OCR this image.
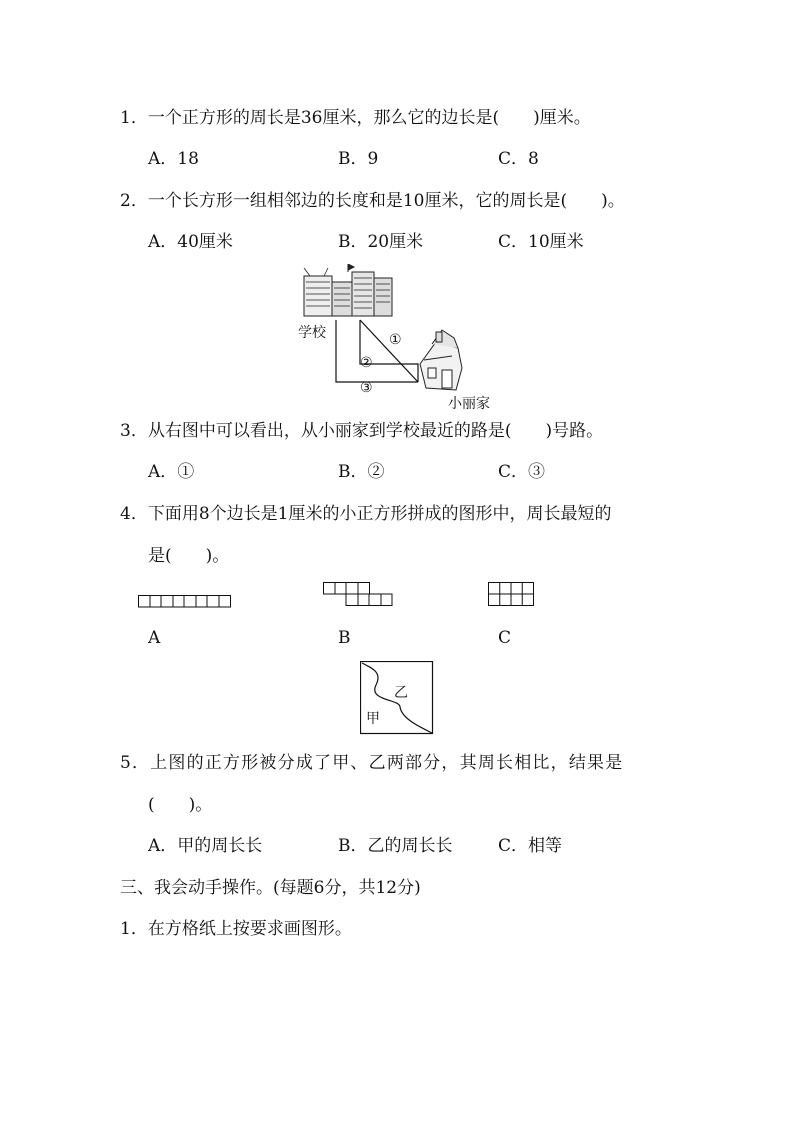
1．一个正方形的周长是36厘米，那么它的边长是(　　)厘米。
A．18	B．9	C．8
2．一个长方形一组相邻边的长度和是10厘米，它的周长是(　　)。
A．40厘米	B．20厘米	C．10厘米
学校	①
②
③
小丽家
3．从右图中可以看出，从小丽家到学校最近的路是(　　)号路。
A．①	B．②	C．③
4．下面用8个边长是1厘米的小正方形拼成的图形中，周长最短的
是(　　)。
A	B	C
乙
甲
5．上图的正方形被分成了甲、乙两部分，其周长相比，结果是
(　　)。
A．甲的周长长	B．乙的周长长	C．相等
三、我会动手操作。(每题6分，共12分)
1．在方格纸上按要求画图形。
